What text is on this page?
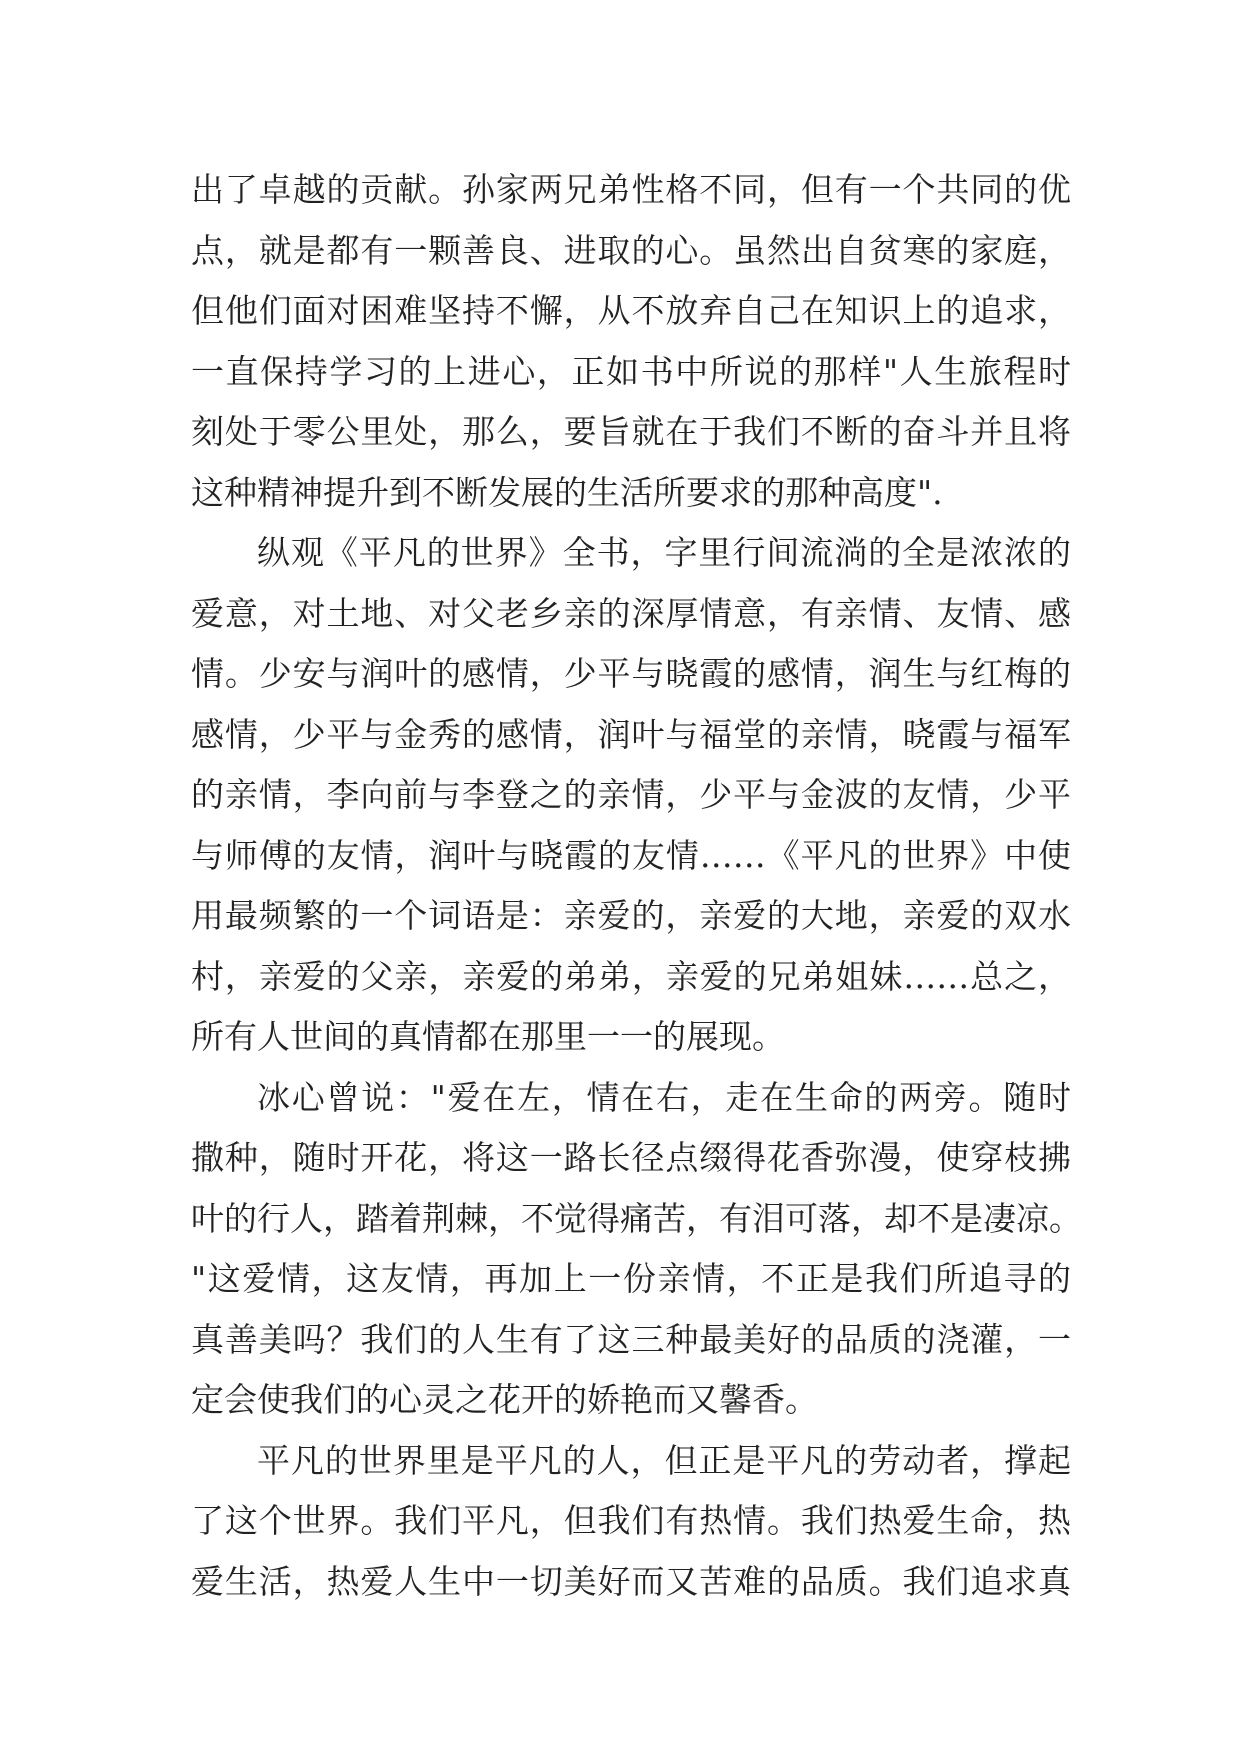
出了卓越的贡献。孙家两兄弟性格不同，但有一个共同的优
点，就是都有一颗善良、进取的心。虽然出自贫寒的家庭，
但他们面对困难坚持不懈，从不放弃自己在知识上的追求，
一直保持学习的上进心，正如书中所说的那样"人生旅程时
刻处于零公里处，那么，要旨就在于我们不断的奋斗并且将
这种精神提升到不断发展的生活所要求的那种高度".
纵观《平凡的世界》全书，字里行间流淌的全是浓浓的
爱意，对土地、对父老乡亲的深厚情意，有亲情、友情、感
情。少安与润叶的感情，少平与晓霞的感情，润生与红梅的
感情，少平与金秀的感情，润叶与福堂的亲情，晓霞与福军
的亲情，李向前与李登之的亲情，少平与金波的友情，少平
与师傅的友情，润叶与晓霞的友情……《平凡的世界》中使
用最频繁的一个词语是：亲爱的，亲爱的大地，亲爱的双水
村，亲爱的父亲，亲爱的弟弟，亲爱的兄弟姐妹……总之，
所有人世间的真情都在那里一一的展现。
冰心曾说："爱在左，情在右，走在生命的两旁。随时
撒种，随时开花，将这一路长径点缀得花香弥漫，使穿枝拂
叶的行人，踏着荆棘，不觉得痛苦，有泪可落，却不是凄凉。
"这爱情，这友情，再加上一份亲情，不正是我们所追寻的
真善美吗？我们的人生有了这三种最美好的品质的浇灌，一
定会使我们的心灵之花开的娇艳而又馨香。
平凡的世界里是平凡的人，但正是平凡的劳动者，撑起
了这个世界。我们平凡，但我们有热情。我们热爱生命，热
爱生活，热爱人生中一切美好而又苦难的品质。我们追求真
